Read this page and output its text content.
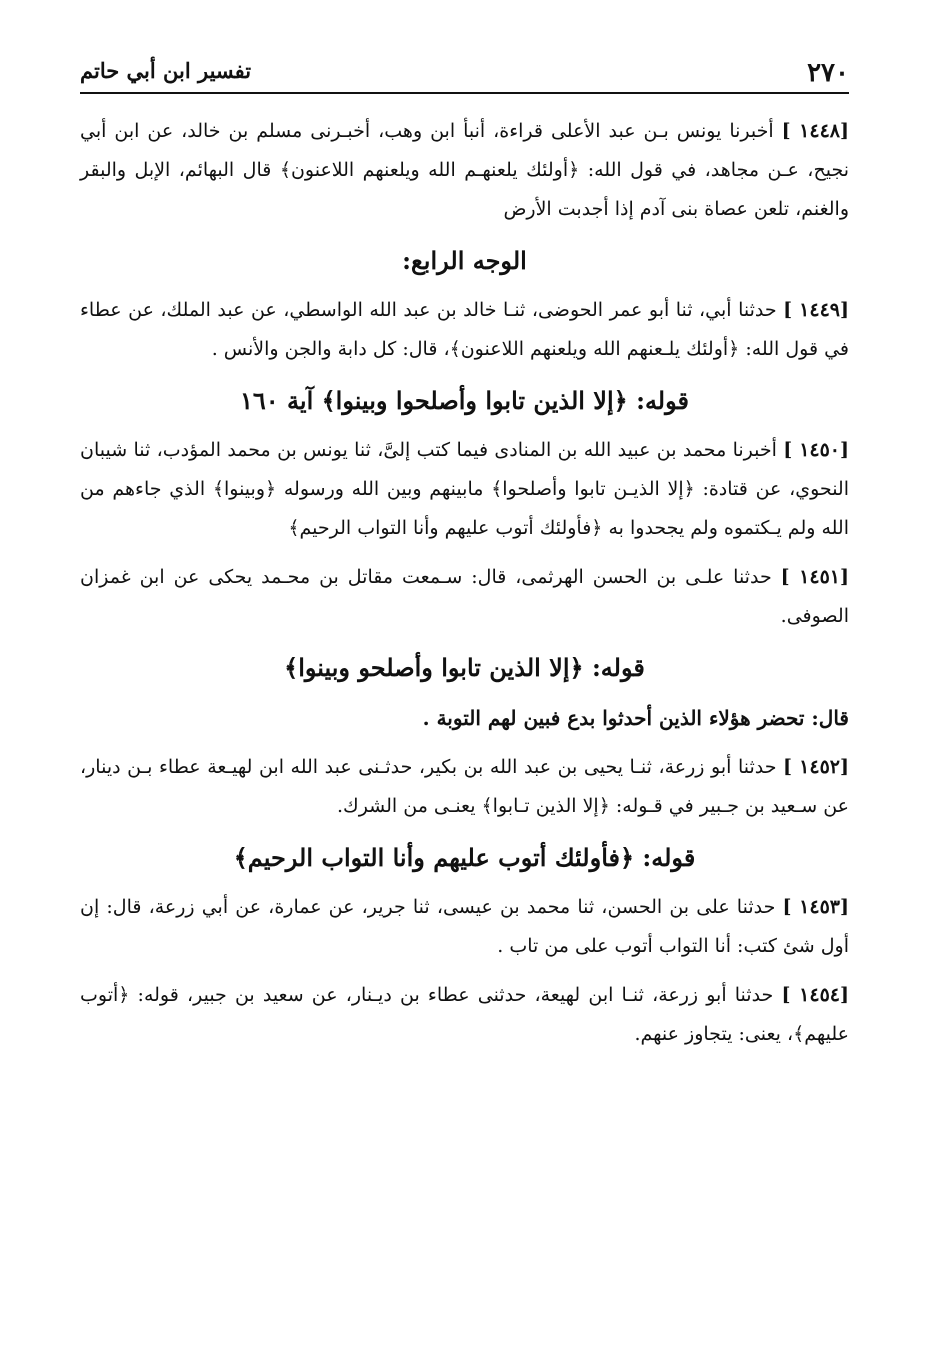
٢٧٠
تفسير ابن أبي حاتم

[١٤٤٨ ] أخبرنا يونس بـن عبد الأعلى قراءة، أنبأ ابن وهب، أخبـرنى مسلم بن خالد، عن ابن أبي نجيح، عـن مجاهد، في قول الله: ﴿أولئك يلعنهـم الله ويلعنهم اللاعنون﴾ قال البهائم، الإبل والبقر والغنم، تلعن عصاة بنى آدم إذا أجدبت الأرض

الوجه الرابع:

[١٤٤٩ ] حدثنا أبي، ثنا أبو عمر الحوضى، ثنـا خالد بن عبد الله الواسطي، عن عبد الملك، عن عطاء في قول الله: ﴿أولئك يلـعنهم الله ويلعنهم اللاعنون﴾، قال: كل دابة والجن والأنس .

قوله: ﴿إلا الذين تابوا وأصلحوا وبينوا﴾ آية ١٦٠

[١٤٥٠ ] أخبرنا محمد بن عبيد الله بن المنادى فيما كتب إلىَّ، ثنا يونس بن محمد المؤدب، ثنا شيبان النحوي، عن قتادة: ﴿إلا الذيـن تابوا وأصلحوا﴾ مابينهم وبين الله ورسوله ﴿وبينوا﴾ الذي جاءهم من الله ولم يـكتموه ولم يجحدوا به ﴿فأولئك أتوب عليهم وأنا التواب الرحيم﴾

[١٤٥١ ] حدثنا علـى بن الحسن الهرثمى، قال: سـمعت مقاتل بن محـمد يحكى عن ابن غمزان الصوفى.

قوله: ﴿إلا الذين تابوا وأصلحو وبينوا﴾

قال: تحضر هؤلاء الذين أحدثوا بدع فبين لهم التوبة .

[١٤٥٢ ] حدثنا أبو زرعة، ثنـا يحيى بن عبد الله بن بكير، حدثـنى عبد الله ابن لهيـعة عطاء بـن دينار، عن سـعيد بن جـبير في قـوله: ﴿إلا الذين تـابوا﴾ يعنـى من الشرك.

قوله: ﴿فأولئك أتوب عليهم وأنا التواب الرحيم﴾

[١٤٥٣ ] حدثنا على بن الحسن، ثنا محمد بن عيسى، ثنا جرير، عن عمارة، عن أبي زرعة، قال: إن أول شئ كتب: أنا التواب أتوب على من تاب .

[١٤٥٤ ] حدثنا أبو زرعة، ثنـا ابن لهيعة، حدثنى عطاء بن ديـنار، عن سعيد بن جبير، قوله: ﴿أتوب عليهم﴾، يعنى: يتجاوز عنهم.
